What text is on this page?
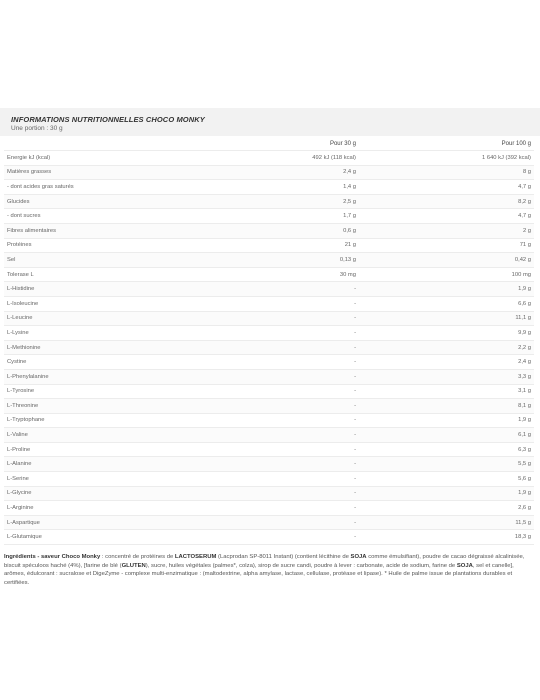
INFORMATIONS NUTRITIONNELLES CHOCO MONKY
Une portion : 30 g
	Pour 30 g	Pour 100 g
Energie kJ (kcal)	492 kJ (118 kcal)	1 640 kJ (392 kcal)
Matières grasses	2,4 g	8 g
- dont acides gras saturés	1,4 g	4,7 g
Glucides	2,5 g	8,2 g
- dont sucres	1,7 g	4,7 g
Fibres alimentaires	0,6 g	2 g
Protéines	21 g	71 g
Sel	0,13 g	0,42 g
Tolerase L	30 mg	100 mg
L-Histidine	-	1,9 g
L-Isoleucine	-	6,6 g
L-Leucine	-	11,1 g
L-Lysine	-	9,9 g
L-Methionine	-	2,2 g
Cystine	-	2,4 g
L-Phenylalanine	-	3,3 g
L-Tyrosine	-	3,1 g
L-Threonine	-	8,1 g
L-Tryptophane	-	1,9 g
L-Valine	-	6,1 g
L-Proline	-	6,3 g
L-Alanine	-	5,5 g
L-Serine	-	5,6 g
L-Glycine	-	1,9 g
L-Arginine	-	2,6 g
L-Aspartique	-	11,5 g
L-Glutamique	-	18,3 g
Ingrédients - saveur Choco Monky : concentré de protéines de LACTOSERUM (Lacprodan SP-8011 Instant) (contient lécithine de SOJA comme émulsifiant), poudre de cacao dégraissé alcalinisée, biscuit spéculoos haché (4%), [farine de blé (GLUTEN), sucre, huiles végétales (palmes*, colza), sirop de sucre candi, poudre à lever : carbonate, acide de sodium, farine de SOJA, sel et canelle], arômes, édulcorant : sucralose et DigeZyme - complexe multi-enzimatique : (maltodextrine, alpha amylase, lactase, cellulase, protéase et lipase). * Huile de palme issue de plantations durables et certifiées.
